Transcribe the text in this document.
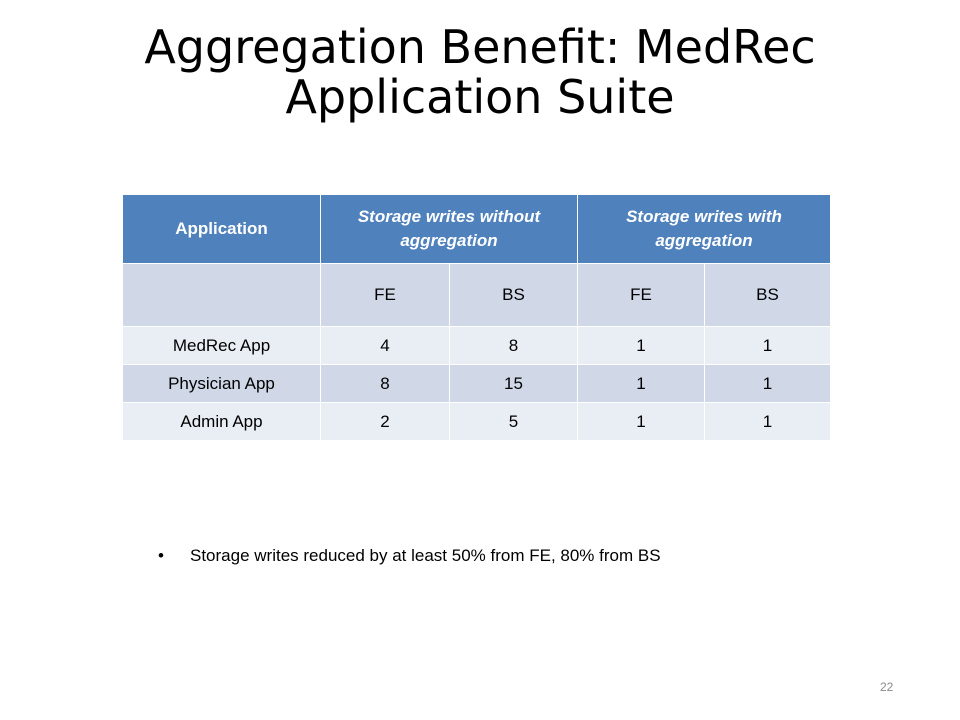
Aggregation Benefit: MedRec
Application Suite
Application	Storage writes without aggregation		Storage writes with aggregation	
	FE	BS	FE	BS
MedRec App	4	8	1	1
Physician App	8	15	1	1
Admin App	2	5	1	1
• Storage writes reduced by at least 50% from FE, 80% from BS
22
